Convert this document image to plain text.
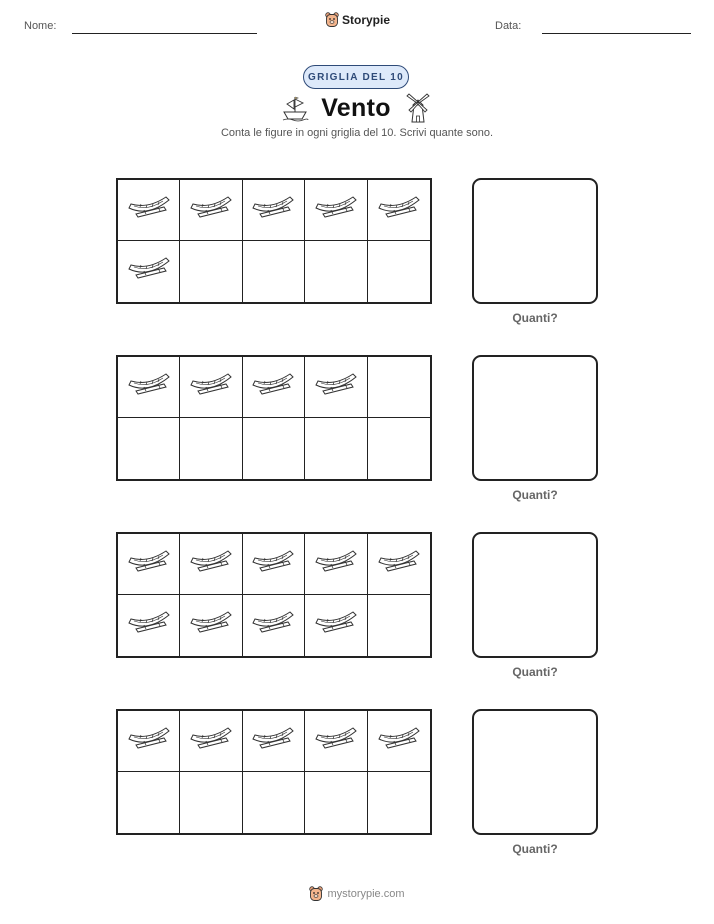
Nome:	Storypie	Data:
GRIGLIA DEL 10
Vento
Conta le figure in ogni griglia del 10. Scrivi quante sono.
Quanti?
Quanti?
Quanti?
Quanti?
mystorypie.com
